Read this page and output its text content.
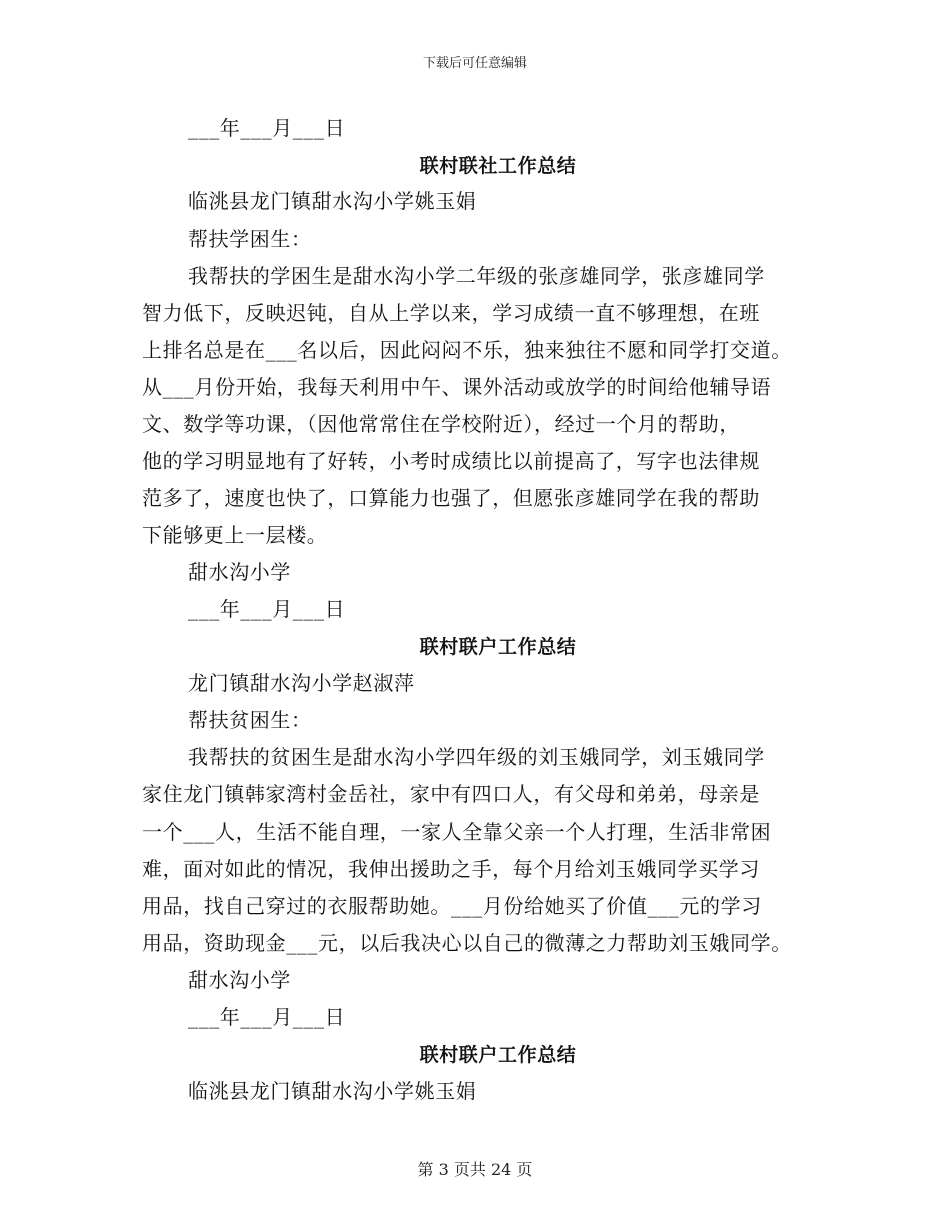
下载后可任意编辑
___年___月___日
联村联社工作总结
临洮县龙门镇甜水沟小学姚玉娟
帮扶学困生：
我帮扶的学困生是甜水沟小学二年级的张彦雄同学，张彦雄同学
智力低下，反映迟钝，自从上学以来，学习成绩一直不够理想，在班
上排名总是在___名以后，因此闷闷不乐，独来独往不愿和同学打交道。
从___月份开始，我每天利用中午、课外活动或放学的时间给他辅导语
文、数学等功课，（因他常常住在学校附近），经过一个月的帮助，
他的学习明显地有了好转，小考时成绩比以前提高了，写字也法律规
范多了，速度也快了，口算能力也强了，但愿张彦雄同学在我的帮助
下能够更上一层楼。
甜水沟小学
___年___月___日
联村联户工作总结
龙门镇甜水沟小学赵淑萍
帮扶贫困生：
我帮扶的贫困生是甜水沟小学四年级的刘玉娥同学，刘玉娥同学
家住龙门镇韩家湾村金岳社，家中有四口人，有父母和弟弟，母亲是
一个___人，生活不能自理，一家人全靠父亲一个人打理，生活非常困
难，面对如此的情况，我伸出援助之手，每个月给刘玉娥同学买学习
用品，找自己穿过的衣服帮助她。___月份给她买了价值___元的学习
用品，资助现金___元，以后我决心以自己的微薄之力帮助刘玉娥同学。
甜水沟小学
___年___月___日
联村联户工作总结
临洮县龙门镇甜水沟小学姚玉娟
第 3 页共 24 页
